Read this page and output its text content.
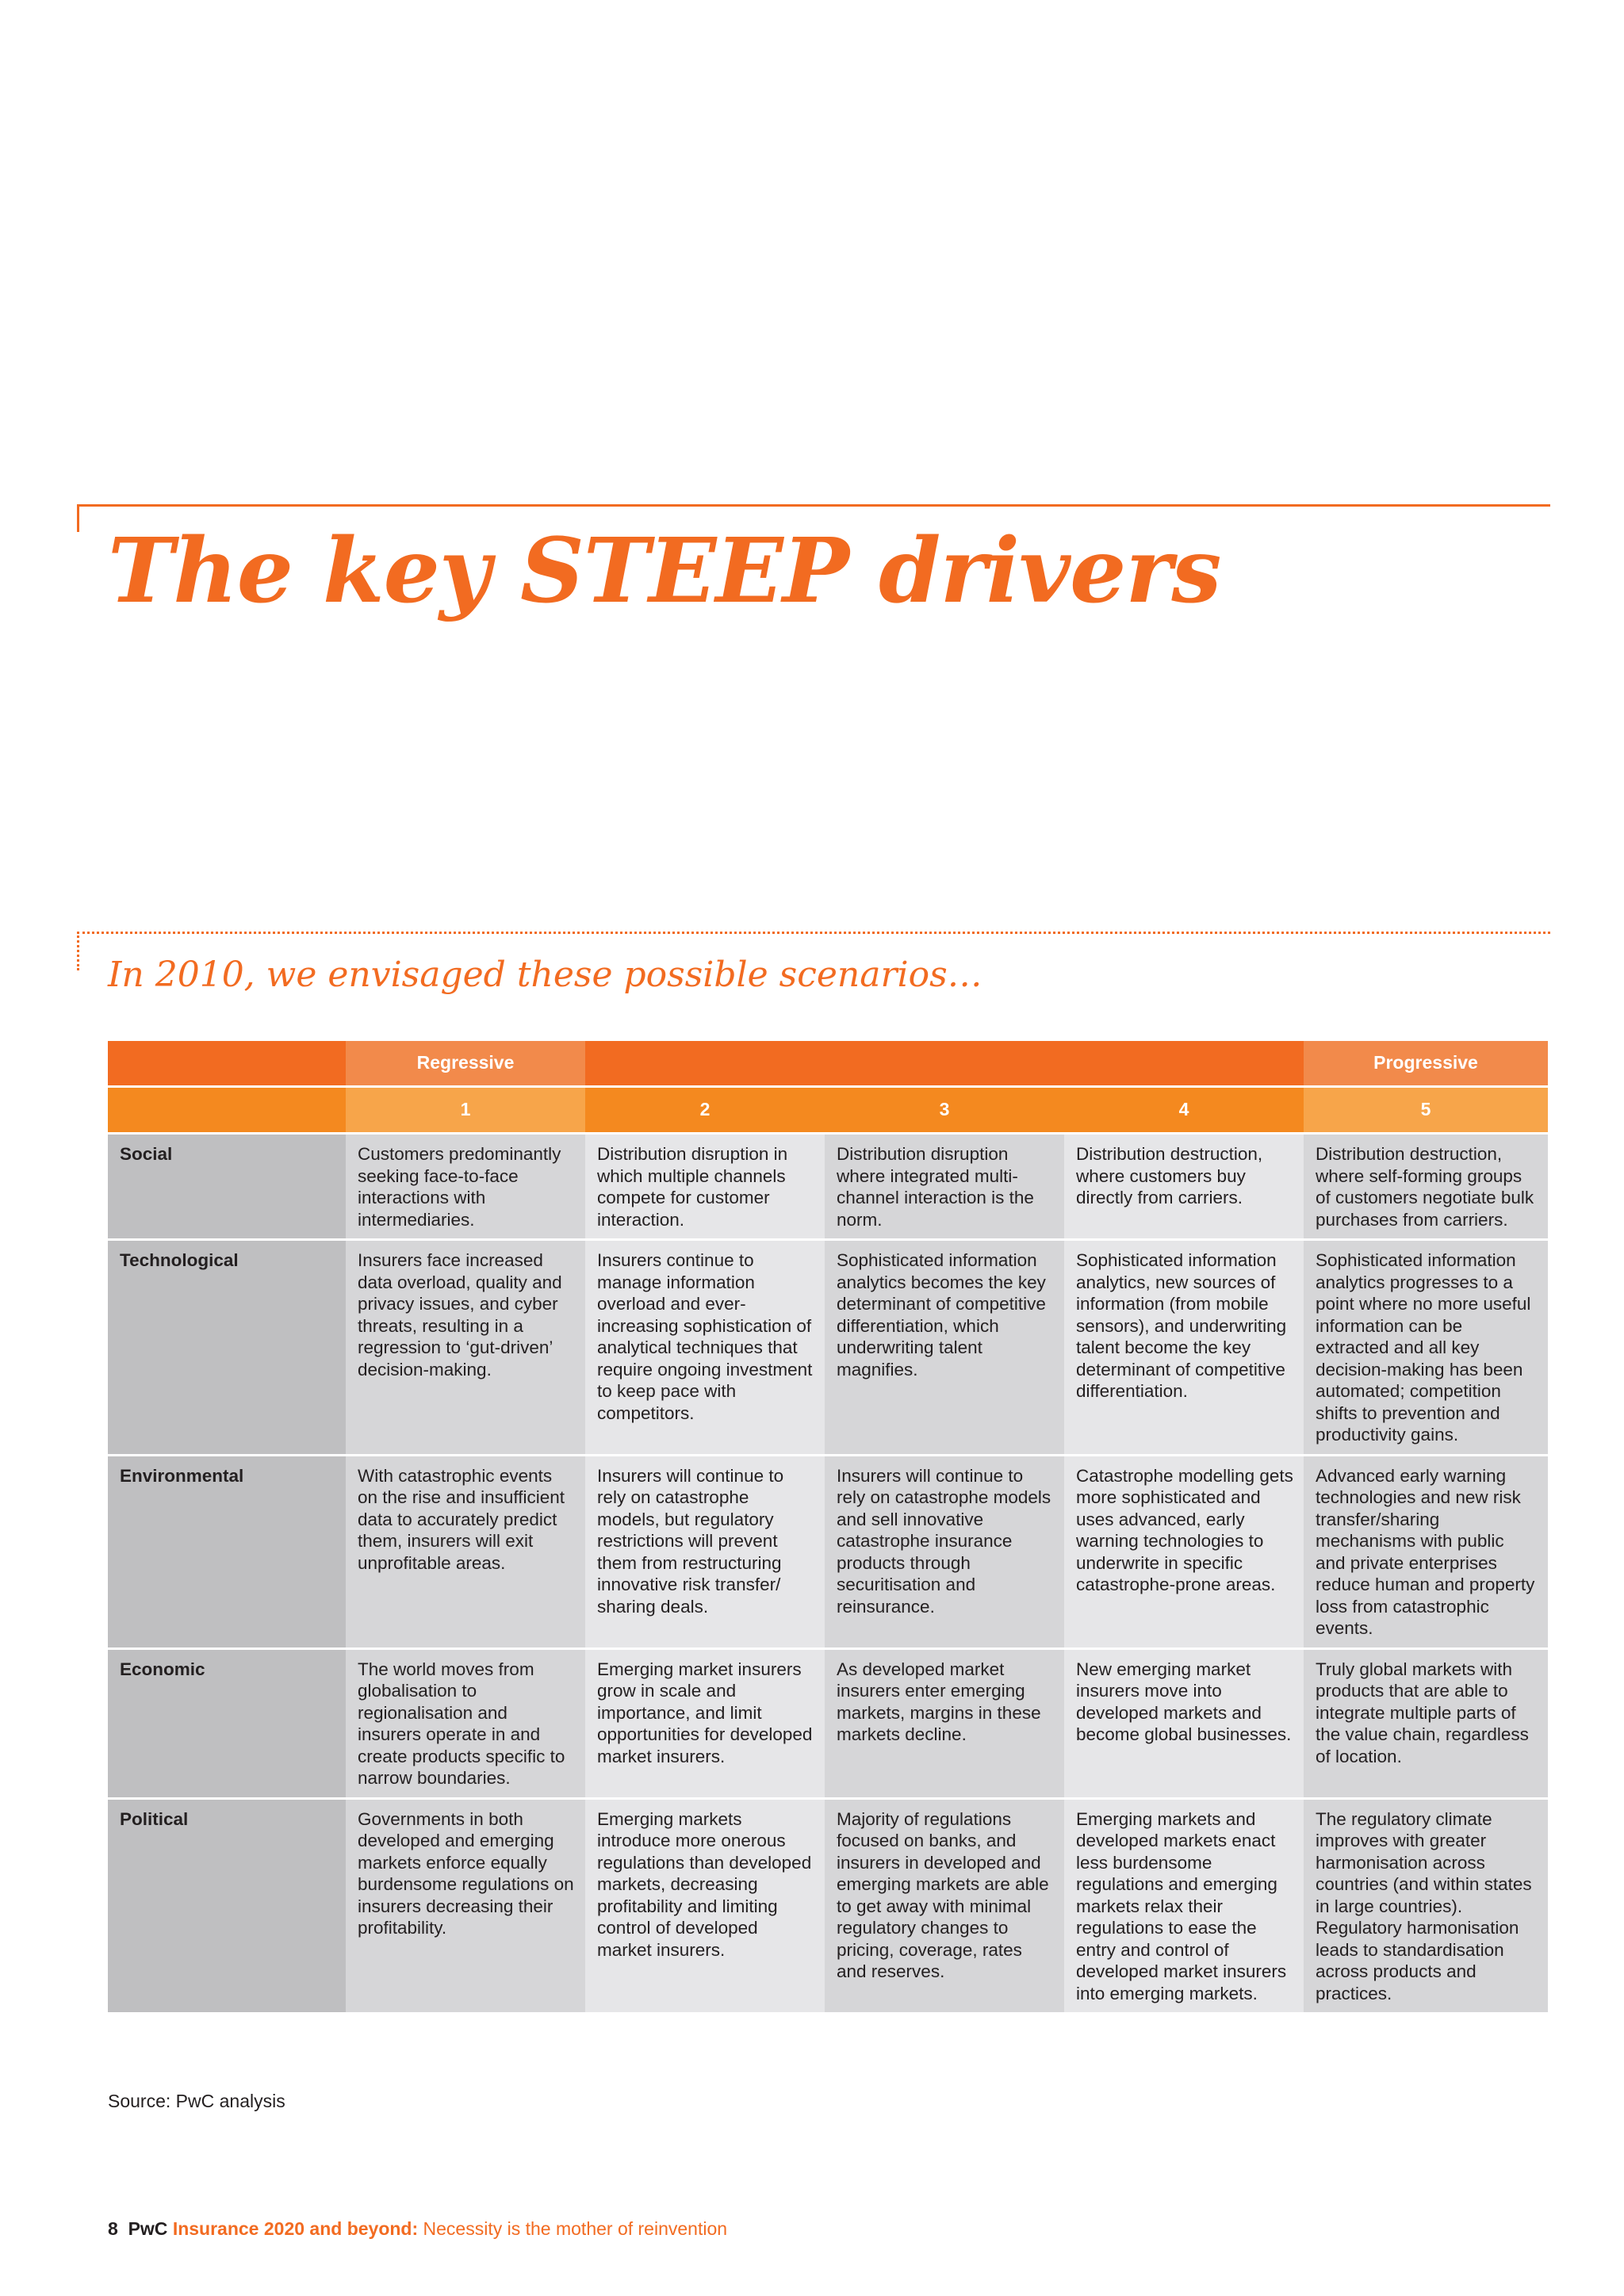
The key STEEP drivers
In 2010, we envisaged these possible scenarios…
	Regressive				Progressive
	1	2	3	4	5
Social	Customers predominantly seeking face-to-face interactions with intermediaries.	Distribution disruption in which multiple channels compete for customer interaction.	Distribution disruption where integrated multi-channel interaction is the norm.	Distribution destruction, where customers buy directly from carriers.	Distribution destruction, where self-forming groups of customers negotiate bulk purchases from carriers.
Technological	Insurers face increased data overload, quality and privacy issues, and cyber threats, resulting in a regression to ‘gut-driven’ decision-making.	Insurers continue to manage information overload and ever-increasing sophistication of analytical techniques that require ongoing investment to keep pace with competitors.	Sophisticated information analytics becomes the key determinant of competitive differentiation, which underwriting talent magnifies.	Sophisticated information analytics, new sources of information (from mobile sensors), and underwriting talent become the key determinant of competitive differentiation.	Sophisticated information analytics progresses to a point where no more useful information can be extracted and all key decision-making has been automated; competition shifts to prevention and productivity gains.
Environmental	With catastrophic events on the rise and insufficient data to accurately predict them, insurers will exit unprofitable areas.	Insurers will continue to rely on catastrophe models, but regulatory restrictions will prevent them from restructuring innovative risk transfer/ sharing deals.	Insurers will continue to rely on catastrophe models and sell innovative catastrophe insurance products through securitisation and reinsurance.	Catastrophe modelling gets more sophisticated and uses advanced, early warning technologies to underwrite in specific catastrophe-prone areas.	Advanced early warning technologies and new risk transfer/sharing mechanisms with public and private enterprises reduce human and property loss from catastrophic events.
Economic	The world moves from globalisation to regionalisation and insurers operate in and create products specific to narrow boundaries.	Emerging market insurers grow in scale and importance, and limit opportunities for developed market insurers.	As developed market insurers enter emerging markets, margins in these markets decline.	New emerging market insurers move into developed markets and become global businesses.	Truly global markets with products that are able to integrate multiple parts of the value chain, regardless of location.
Political	Governments in both developed and emerging markets enforce equally burdensome regulations on insurers decreasing their profitability.	Emerging markets introduce more onerous regulations than developed markets, decreasing profitability and limiting control of developed market insurers.	Majority of regulations focused on banks, and insurers in developed and emerging markets are able to get away with minimal regulatory changes to pricing, coverage, rates and reserves.	Emerging markets and developed markets enact less burdensome regulations and emerging markets relax their regulations to ease the entry and control of developed market insurers into emerging markets.	The regulatory climate improves with greater harmonisation across countries (and within states in large countries). Regulatory harmonisation leads to standardisation across products and practices.
Source: PwC analysis
8 PwC Insurance 2020 and beyond: Necessity is the mother of reinvention
